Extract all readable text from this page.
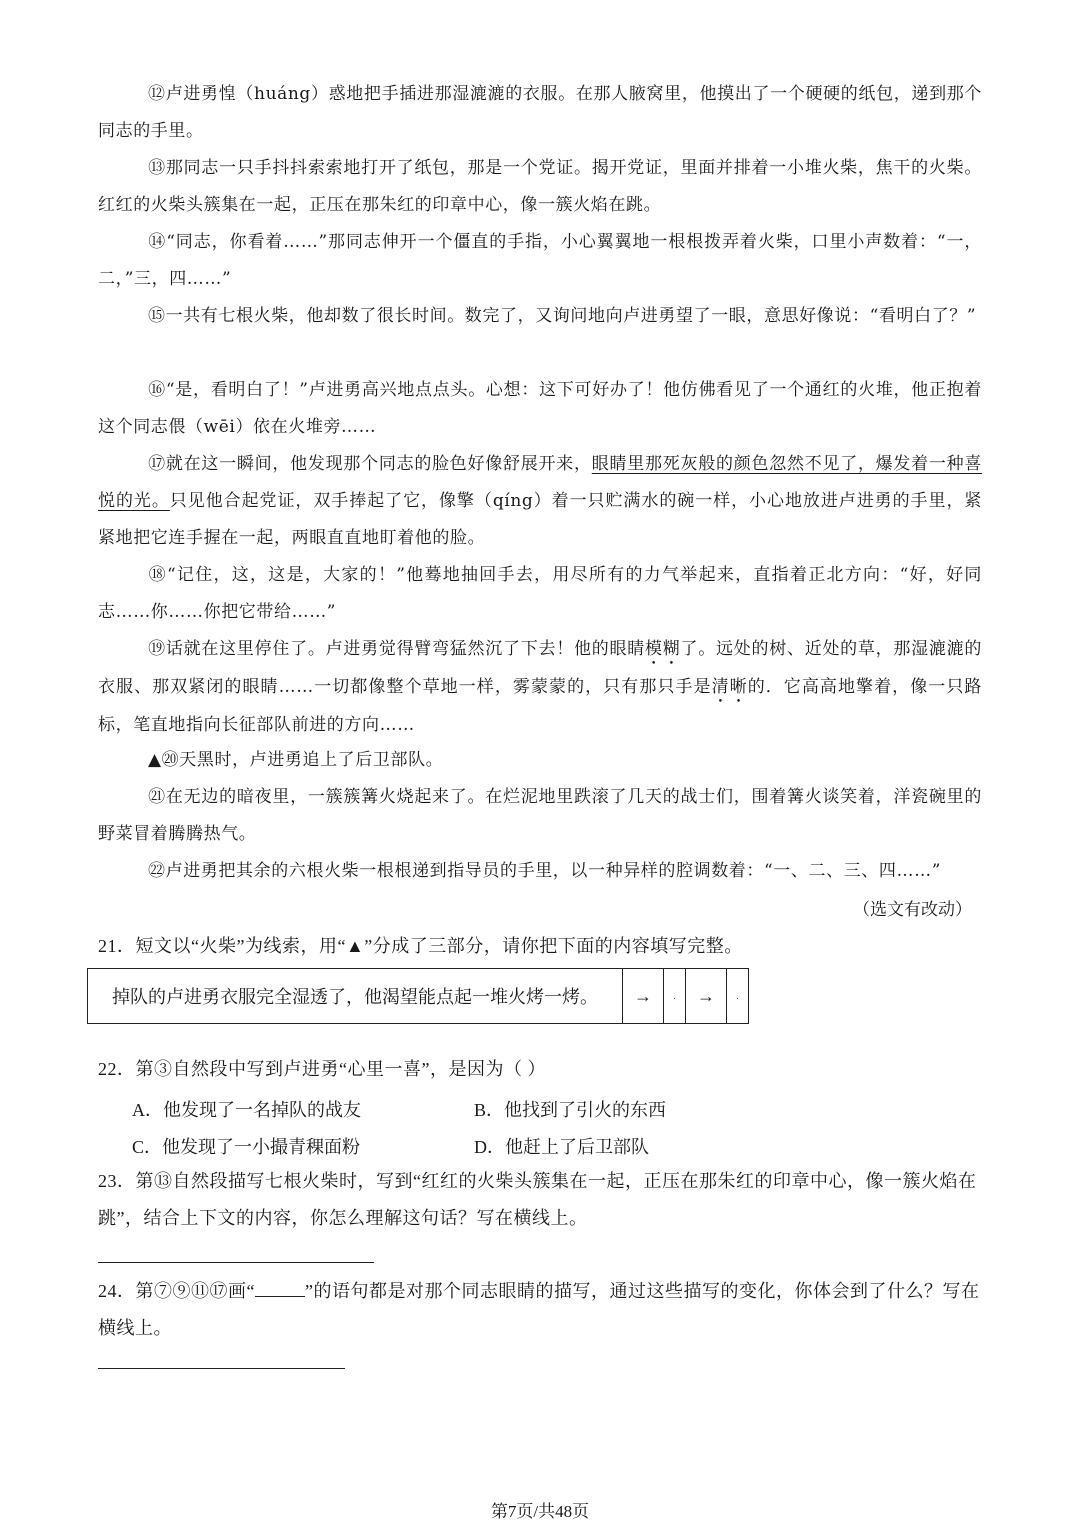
⑫卢进勇惶（huáng）惑地把手插进那湿漉漉的衣服。在那人腋窝里，他摸出了一个硬硬的纸包，递到那个同志的手里。
⑬那同志一只手抖抖索索地打开了纸包，那是一个党证。揭开党证，里面并排着一小堆火柴，焦干的火柴。红红的火柴头簇集在一起，正压在那朱红的印章中心，像一簇火焰在跳。
⑭“同志，你看着……”那同志伸开一个僵直的手指，小心翼翼地一根根拨弄着火柴，口里小声数着：“一，二，”三，四……”
⑮一共有七根火柴，他却数了很长时间。数完了，又询问地向卢进勇望了一眼，意思好像说：“看明白了？”
⑯“是，看明白了！”卢进勇高兴地点点头。心想：这下可好办了！他仿佛看见了一个通红的火堆，他正抱着这个同志偎（wēi）依在火堆旁……
⑰就在这一瞬间，他发现那个同志的脸色好像舒展开来，眼睛里那死灰般的颜色忽然不见了，爆发着一种喜悦的光。只见他合起党证，双手捧起了它，像擎（qíng）着一只贮满水的碗一样，小心地放进卢进勇的手里，紧紧地把它连手握在一起，两眼直直地盯着他的脸。
⑱“记住，这，这是，大家的！”他蓦地抽回手去，用尽所有的力气举起来，直指着正北方向：“好，好同志……你……你把它带给……”
⑲话就在这里停住了。卢进勇觉得臂弯猛然沉了下去！他的眼睛模糊了。远处的树、近处的草，那湿漉漉的衣服、那双紧闭的眼睛……一切都像整个草地一样，雾蒙蒙的，只有那只手是清晰的．它高高地擎着，像一只路标，笔直地指向长征部队前进的方向……
▲⑳天黑时，卢进勇追上了后卫部队。
㉑在无边的暗夜里，一簇簇篝火烧起来了。在烂泥地里跌滚了几天的战士们，围着篝火谈笑着，洋瓷碗里的野菜冒着腾腾热气。
㉒卢进勇把其余的六根火柴一根根递到指导员的手里，以一种异样的腔调数着：“一、二、三、四……”
（选文有改动）
21．短文以“火柴”为线索，用“▲”分成了三部分，请你把下面的内容填写完整。
掉队的卢进勇衣服完全湿透了，他渴望能点起一堆火烤一烤。	→	.	→	.
22．第③自然段中写到卢进勇“心里一喜”，是因为（ ）
A．他发现了一名掉队的战友	B．他找到了引火的东西
C．他发现了一小撮青稞面粉	D．他赶上了后卫部队
23．第⑬自然段描写七根火柴时，写到“红红的火柴头簇集在一起，正压在那朱红的印章中心，像一簇火焰在跳”，结合上下文的内容，你怎么理解这句话？写在横线上。
24．第⑦⑨⑪⑰画“	”的语句都是对那个同志眼睛的描写，通过这些描写的变化，你体会到了什么？写在横线上。
第7页/共48页
